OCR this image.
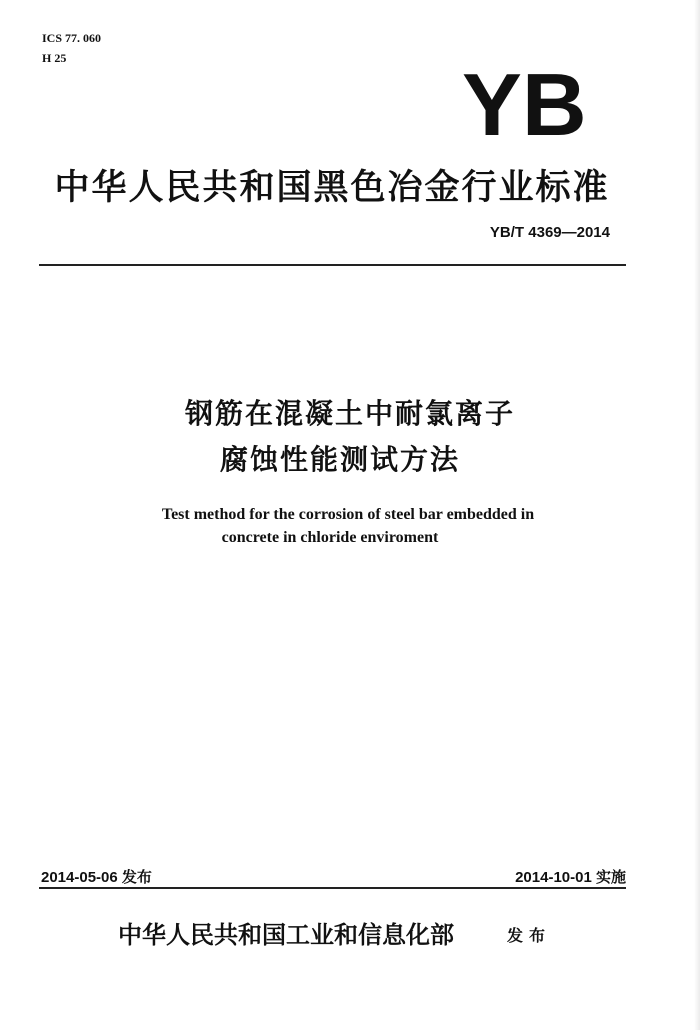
ICS 77. 060
H 25	YB
中华人民共和国黑色冶金行业标准
YB/T 4369—2014
钢筋在混凝土中耐氯离子
腐蚀性能测试方法
Test method for the corrosion of steel bar embedded in
concrete in chloride enviroment
2014-05-06 发布	2014-10-01 实施
中华人民共和国工业和信息化部	发布
